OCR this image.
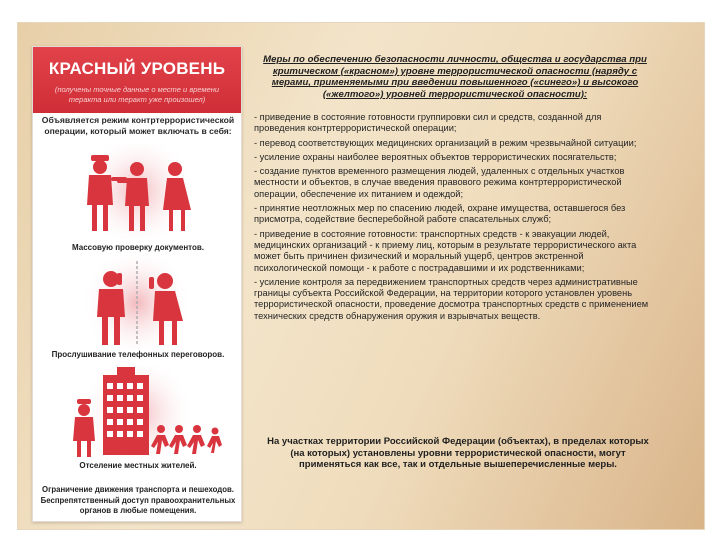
КРАСНЫЙ УРОВЕНЬ
(получены точные данные о месте и времени теракта или теракт уже произошел)
Объявляется режим контртеррористической операции, который может включать в себя:
Массовую проверку документов.
Прослушивание телефонных переговоров.
Отселение местных жителей.
Ограничение движения транспорта и пешеходов. Беспрепятственный доступ правоохранительных органов в любые помещения.
Меры по обеспечению безопасности личности, общества и государства при критическом («красном») уровне террористической опасности (наряду с мерами, применяемыми при введении повышенного («синего») и высокого («желтого») уровней террористической опасности):
- приведение в состояние готовности группировки сил и средств, созданной для проведения контртеррористической операции;
- перевод соответствующих медицинских организаций в режим чрезвычайной ситуации;
- усиление охраны наиболее вероятных объектов террористических посягательств;
- создание пунктов временного размещения людей, удаленных с отдельных участков местности и объектов, в случае введения правового режима контртеррористической операции, обеспечение их питанием и одеждой;
- принятие неотложных мер по спасению людей, охране имущества, оставшегося без присмотра, содействие бесперебойной работе спасательных служб;
- приведение в состояние готовности: транспортных средств - к эвакуации людей, медицинских организаций - к приему лиц, которым в результате террористического акта может быть причинен физический и моральный ущерб, центров экстренной психологической помощи - к работе с пострадавшими и их родственниками;
- усиление контроля за передвижением транспортных средств через административные границы субъекта Российской Федерации, на территории которого установлен уровень террористической опасности, проведение досмотра транспортных средств с применением технических средств обнаружения оружия и взрывчатых веществ.
На участках территории Российской Федерации (объектах), в пределах которых (на которых) установлены уровни террористической опасности, могут применяться как все, так и отдельные вышеперечисленные меры.
